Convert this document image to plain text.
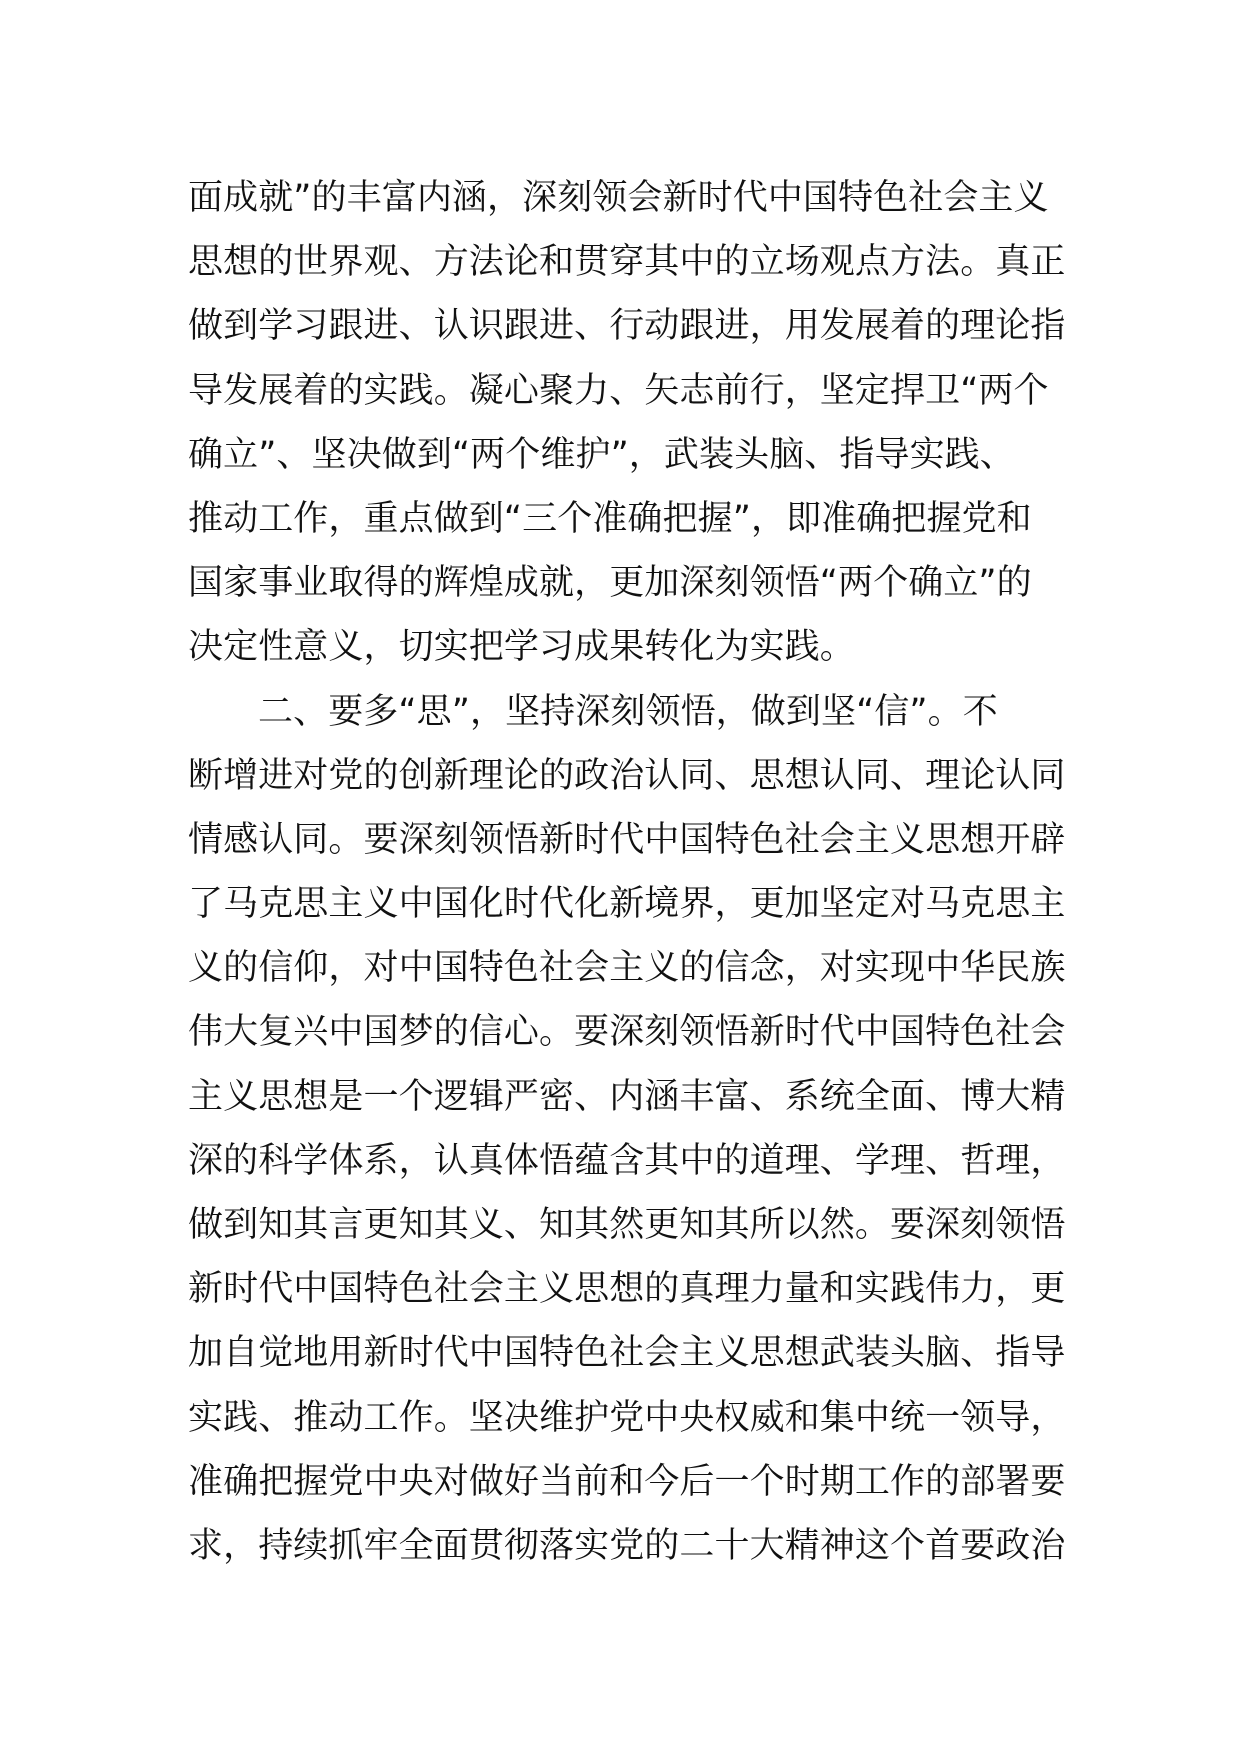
面成就”的丰富内涵，深刻领会新时代中国特色社会主义
思想的世界观、方法论和贯穿其中的立场观点方法。真正
做到学习跟进、认识跟进、行动跟进，用发展着的理论指
导发展着的实践。凝心聚力、矢志前行，坚定捍卫“两个
确立”、坚决做到“两个维护”，武装头脑、指导实践、
推动工作，重点做到“三个准确把握”，即准确把握党和
国家事业取得的辉煌成就，更加深刻领悟“两个确立”的
决定性意义，切实把学习成果转化为实践。
二、要多“思”，坚持深刻领悟，做到坚“信”。不
断增进对党的创新理论的政治认同、思想认同、理论认同
情感认同。要深刻领悟新时代中国特色社会主义思想开辟
了马克思主义中国化时代化新境界，更加坚定对马克思主
义的信仰，对中国特色社会主义的信念，对实现中华民族
伟大复兴中国梦的信心。要深刻领悟新时代中国特色社会
主义思想是一个逻辑严密、内涵丰富、系统全面、博大精
深的科学体系，认真体悟蕴含其中的道理、学理、哲理，
做到知其言更知其义、知其然更知其所以然。要深刻领悟
新时代中国特色社会主义思想的真理力量和实践伟力，更
加自觉地用新时代中国特色社会主义思想武装头脑、指导
实践、推动工作。坚决维护党中央权威和集中统一领导，
准确把握党中央对做好当前和今后一个时期工作的部署要
求，持续抓牢全面贯彻落实党的二十大精神这个首要政治
